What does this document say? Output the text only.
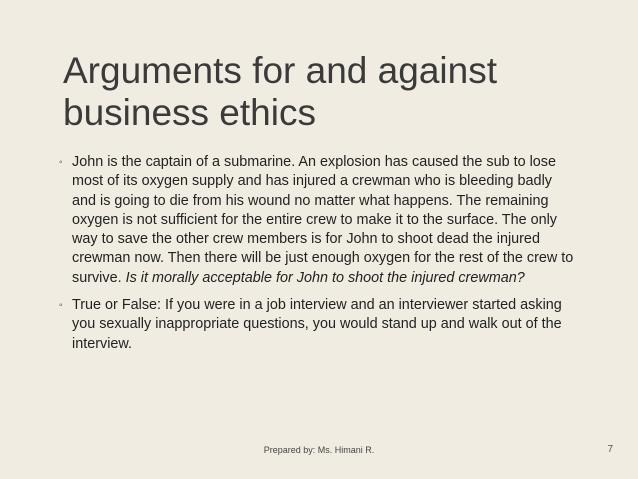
Arguments for and against
business ethics
◦ John is the captain of a submarine. An explosion has caused the sub to lose most of its oxygen supply and has injured a crewman who is bleeding badly and is going to die from his wound no matter what happens. The remaining oxygen is not sufficient for the entire crew to make it to the surface. The only way to save the other crew members is for John to shoot dead the injured crewman now. Then there will be just enough oxygen for the rest of the crew to survive. Is it morally acceptable for John to shoot the injured crewman?
◦ True or False: If you were in a job interview and an interviewer started asking you sexually inappropriate questions, you would stand up and walk out of the interview.
Prepared by: Ms. Himani R.	7
